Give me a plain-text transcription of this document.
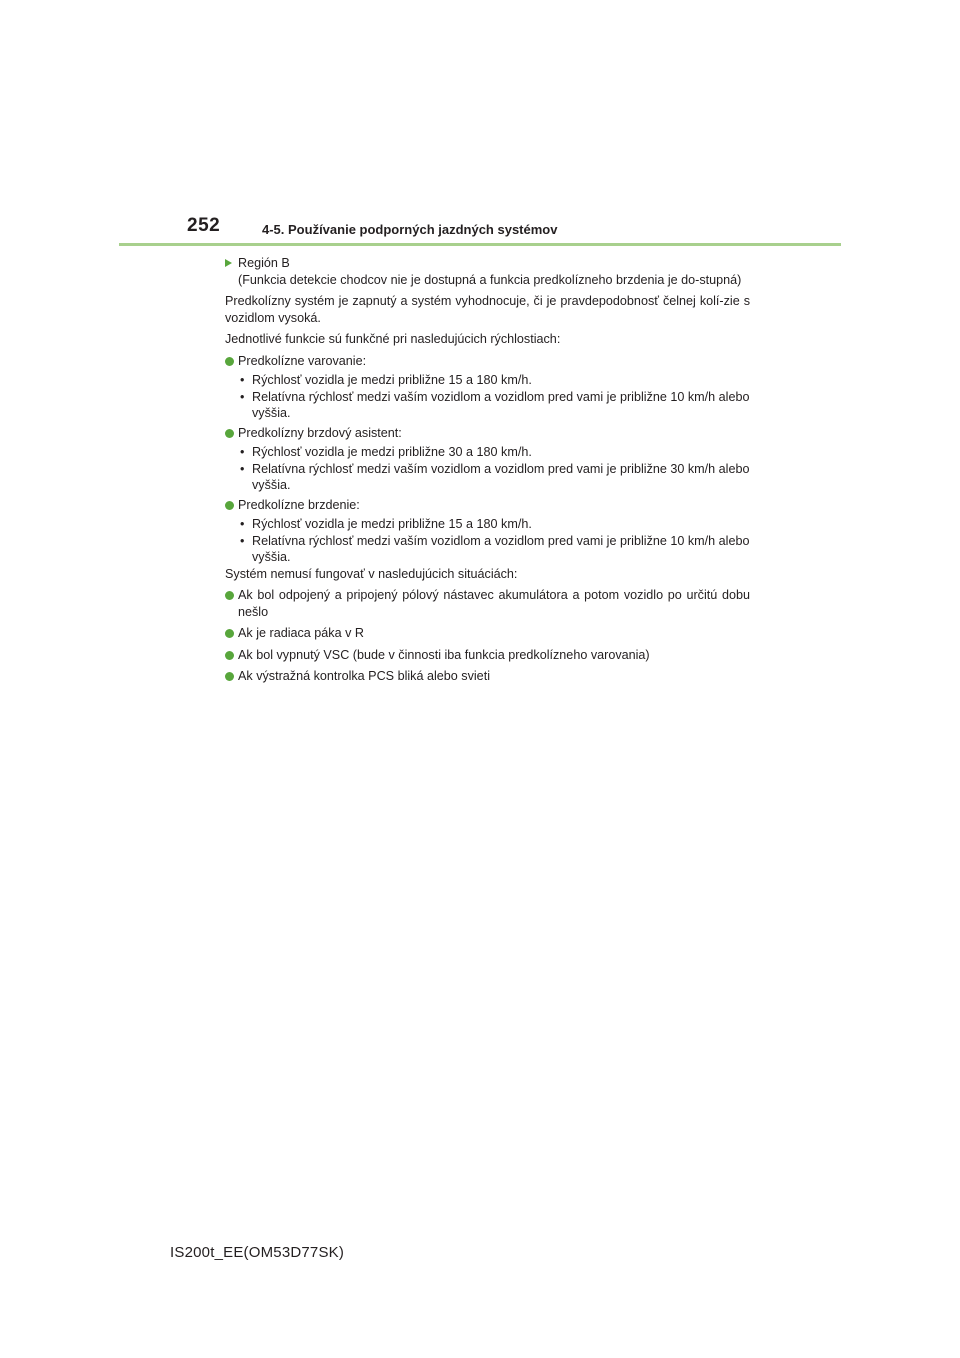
252	4-5. Používanie podporných jazdných systémov

Región B

(Funkcia detekcie chodcov nie je dostupná a funkcia predkolízneho brzdenia je do-stupná)

Predkolízny systém je zapnutý a systém vyhodnocuje, či je pravdepodobnosť čelnej kolí-zie s vozidlom vysoká.

Jednotlivé funkcie sú funkčné pri nasledujúcich rýchlostiach:

Predkolízne varovanie:

• Rýchlosť vozidla je medzi približne 15 a 180 km/h.
• Relatívna rýchlosť medzi vaším vozidlom a vozidlom pred vami je približne 10 km/h alebo vyššia.

Predkolízny brzdový asistent:

• Rýchlosť vozidla je medzi približne 30 a 180 km/h.
• Relatívna rýchlosť medzi vaším vozidlom a vozidlom pred vami je približne 30 km/h alebo vyššia.

Predkolízne brzdenie:

• Rýchlosť vozidla je medzi približne 15 a 180 km/h.
• Relatívna rýchlosť medzi vaším vozidlom a vozidlom pred vami je približne 10 km/h alebo vyššia.

Systém nemusí fungovať v nasledujúcich situáciách:

Ak bol odpojený a pripojený pólový nástavec akumulátora a potom vozidlo po určitú dobu nešlo

Ak je radiaca páka v R

Ak bol vypnutý VSC (bude v činnosti iba funkcia predkolízneho varovania)

Ak výstražná kontrolka PCS bliká alebo svieti

IS200t_EE(OM53D77SK)
